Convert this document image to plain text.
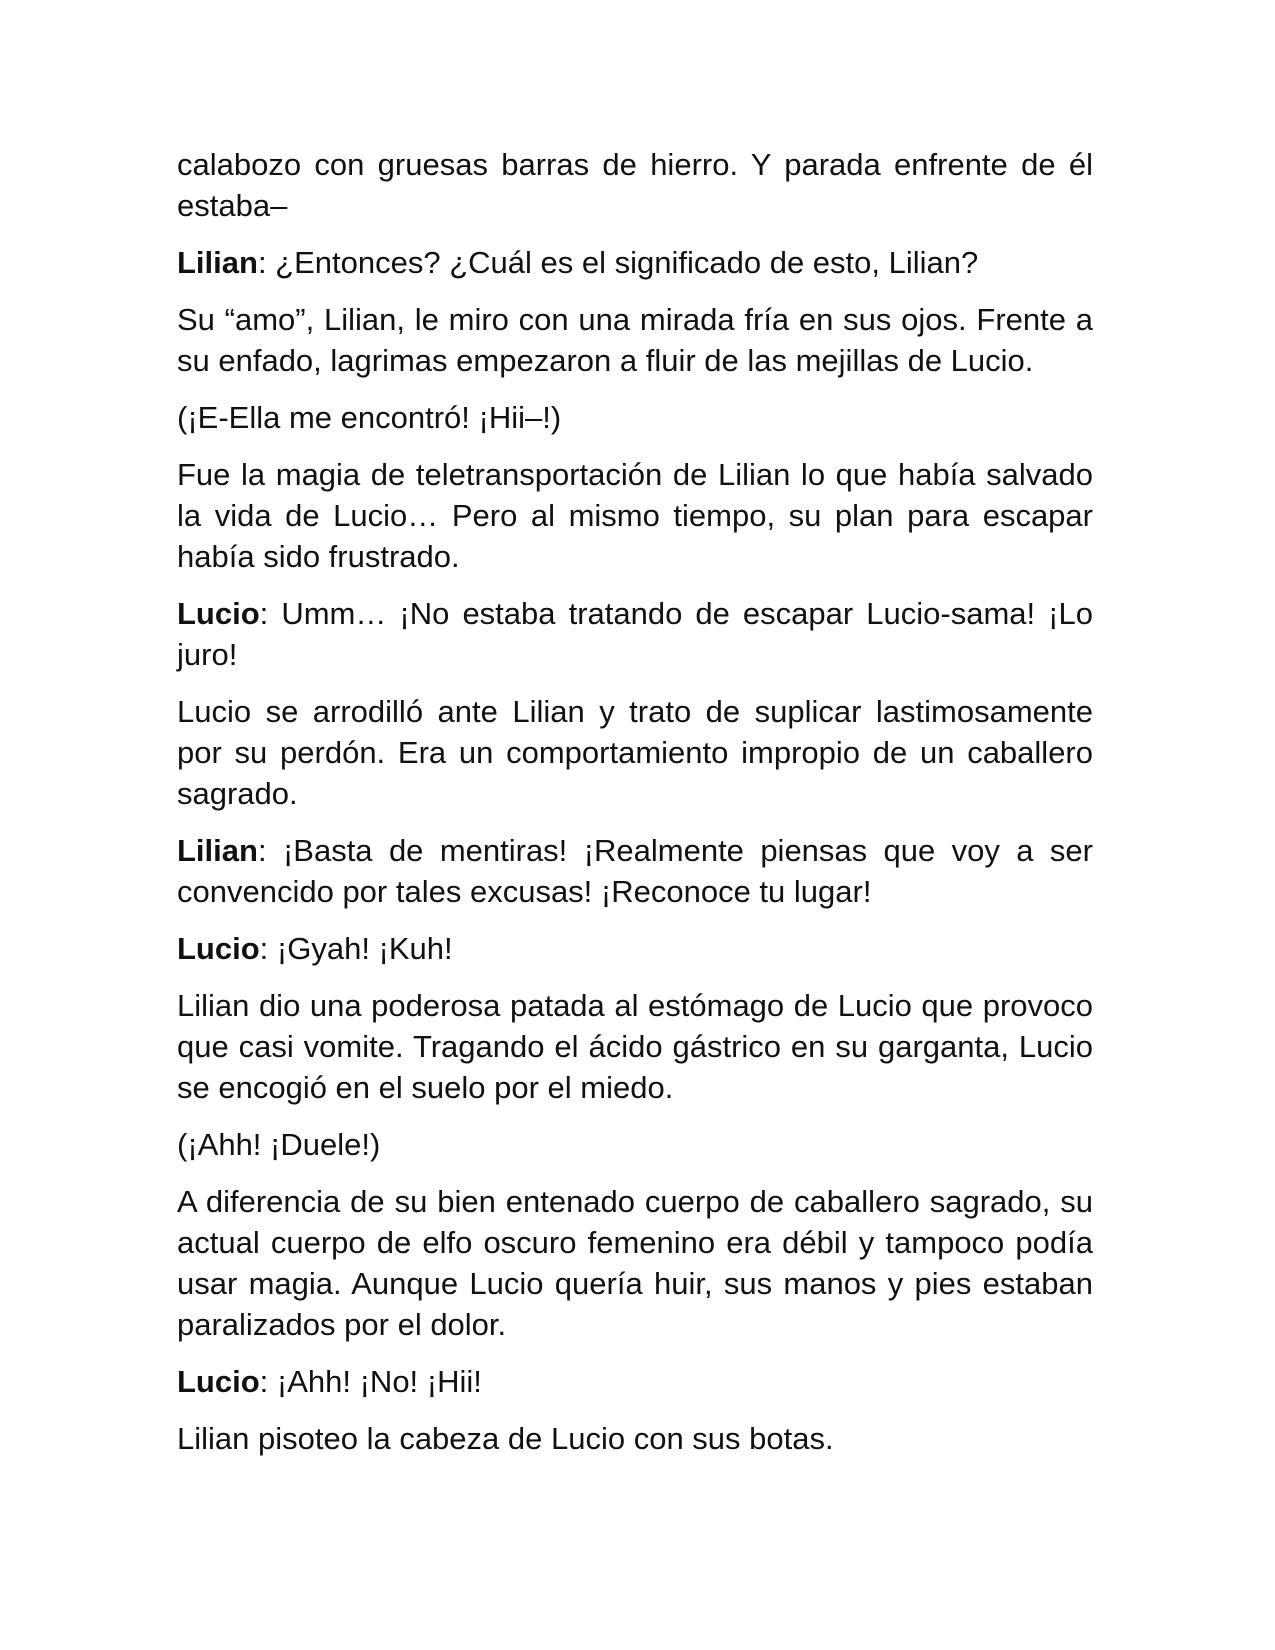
calabozo con gruesas barras de hierro. Y parada enfrente de él estaba–

Lilian: ¿Entonces? ¿Cuál es el significado de esto, Lilian?

Su “amo”, Lilian, le miro con una mirada fría en sus ojos. Frente a su enfado, lagrimas empezaron a fluir de las mejillas de Lucio.

(¡E-Ella me encontró! ¡Hii–!)

Fue la magia de teletransportación de Lilian lo que había salvado la vida de Lucio… Pero al mismo tiempo, su plan para escapar había sido frustrado.

Lucio: Umm… ¡No estaba tratando de escapar Lucio-sama! ¡Lo juro!

Lucio se arrodilló ante Lilian y trato de suplicar lastimosamente por su perdón. Era un comportamiento impropio de un caballero sagrado.

Lilian: ¡Basta de mentiras! ¡Realmente piensas que voy a ser convencido por tales excusas! ¡Reconoce tu lugar!

Lucio: ¡Gyah! ¡Kuh!

Lilian dio una poderosa patada al estómago de Lucio que provoco que casi vomite. Tragando el ácido gástrico en su garganta, Lucio se encogió en el suelo por el miedo.

(¡Ahh! ¡Duele!)

A diferencia de su bien entenado cuerpo de caballero sagrado, su actual cuerpo de elfo oscuro femenino era débil y tampoco podía usar magia. Aunque Lucio quería huir, sus manos y pies estaban paralizados por el dolor.

Lucio: ¡Ahh! ¡No! ¡Hii!

Lilian pisoteo la cabeza de Lucio con sus botas.
